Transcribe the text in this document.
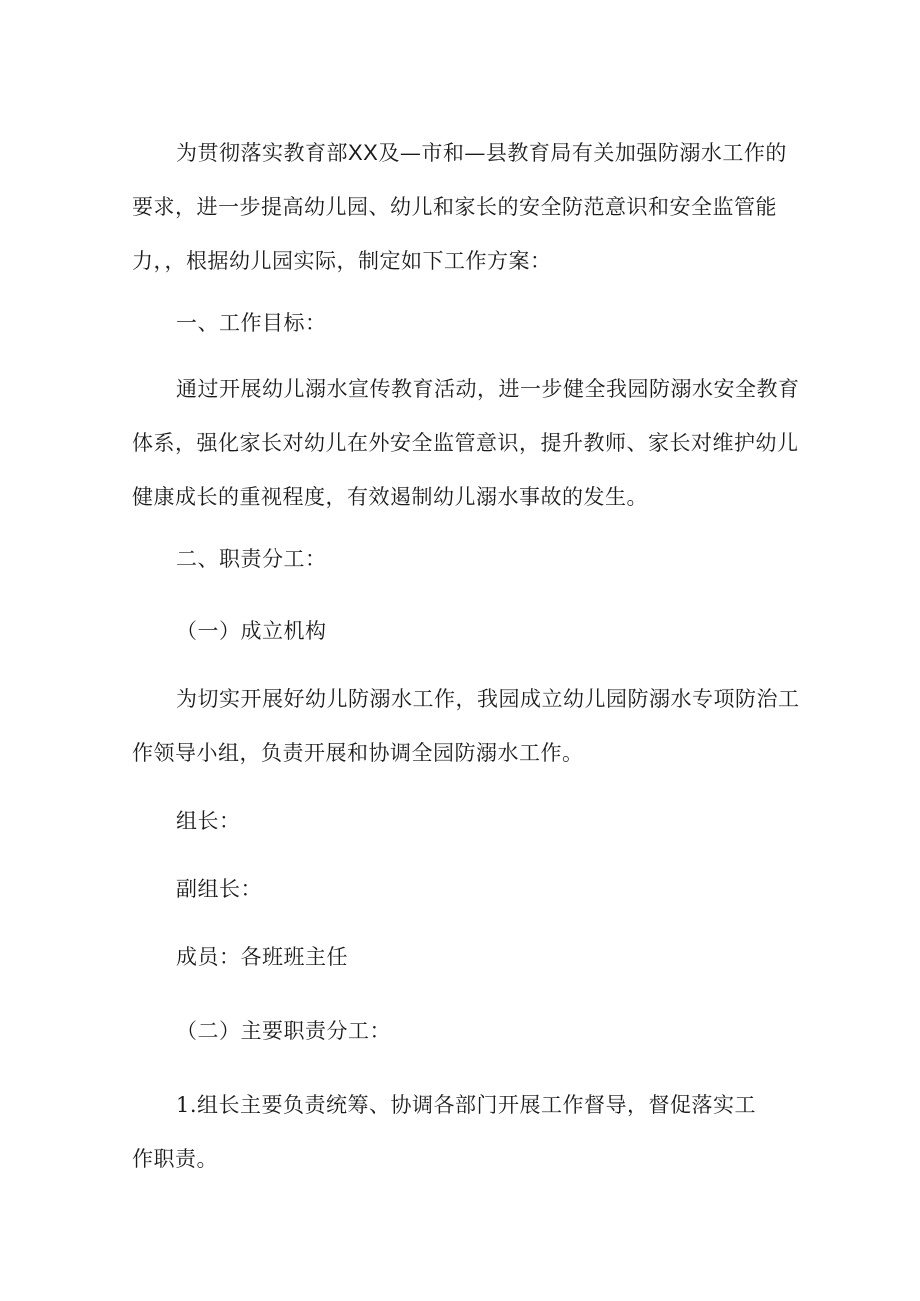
为贯彻落实教育部XX及—市和—县教育局有关加强防溺水工作的
要求，进一步提高幼儿园、幼儿和家长的安全防范意识和安全监管能
力，，根据幼儿园实际，制定如下工作方案：
一、工作目标：
通过开展幼儿溺水宣传教育活动，进一步健全我园防溺水安全教育
体系，强化家长对幼儿在外安全监管意识，提升教师、家长对维护幼儿
健康成长的重视程度，有效遏制幼儿溺水事故的发生。
二、职责分工：
（一）成立机构
为切实开展好幼儿防溺水工作，我园成立幼儿园防溺水专项防治工
作领导小组，负责开展和协调全园防溺水工作。
组长：
副组长：
成员：各班班主任
（二）主要职责分工：
1.组长主要负责统筹、协调各部门开展工作督导，督促落实工
作职责。
